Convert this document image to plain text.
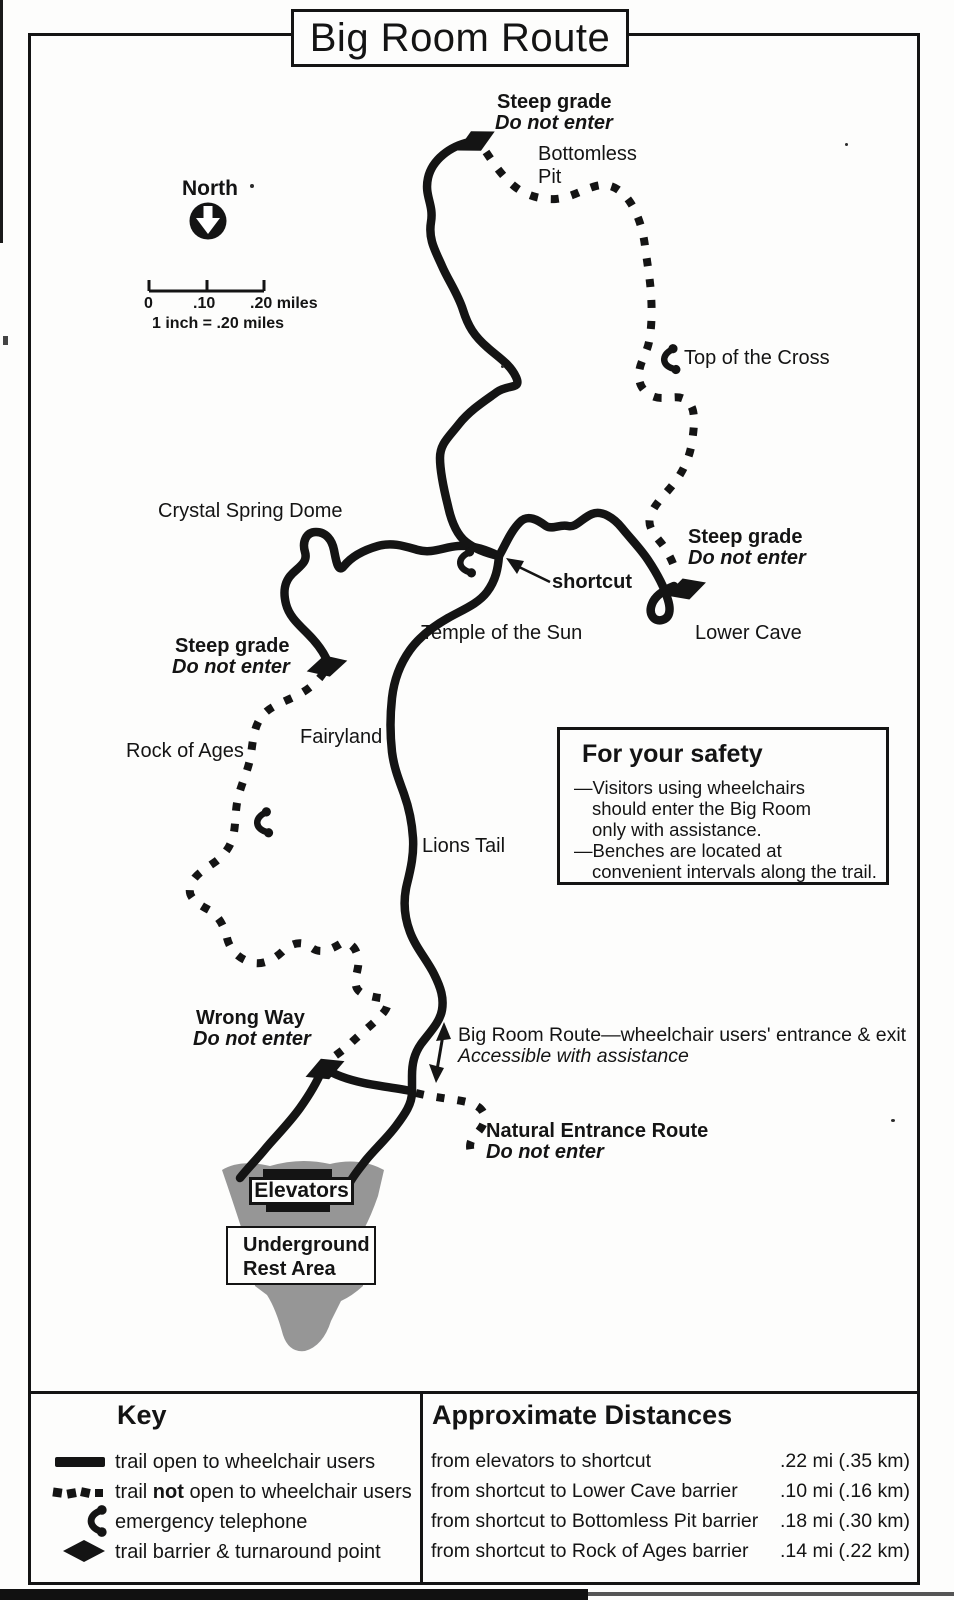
Big Room Route
North
0	.10 .20 miles
1 inch = .20 miles
Steep grade
Do not enter
Bottomless
Pit
Top of the Cross
Crystal Spring Dome
shortcut
Temple of the Sun	Lower Cave
Steep grade
Do not enter
Steep grade
Do not enter
Rock of Ages
Fairyland
Lions Tail
Wrong Way
Do not enter	Big Room Route—wheelchair users' entrance & exit
Accessible with assistance
Natural Entrance Route
Do not enter
Elevators
Underground
Rest Area
For your safety
—Visitors using wheelchairs
should enter the Big Room
only with assistance.
—Benches are located at
convenient intervals along the trail.
Key
trail open to wheelchair users
trail not open to wheelchair users
emergency telephone
trail barrier & turnaround point
Approximate Distances
from elevators to shortcut	.22 mi (.35 km)
from shortcut to Lower Cave barrier .10 mi (.16 km)
from shortcut to Bottomless Pit barrier .18 mi (.30 km)
from shortcut to Rock of Ages barrier .14 mi (.22 km)
